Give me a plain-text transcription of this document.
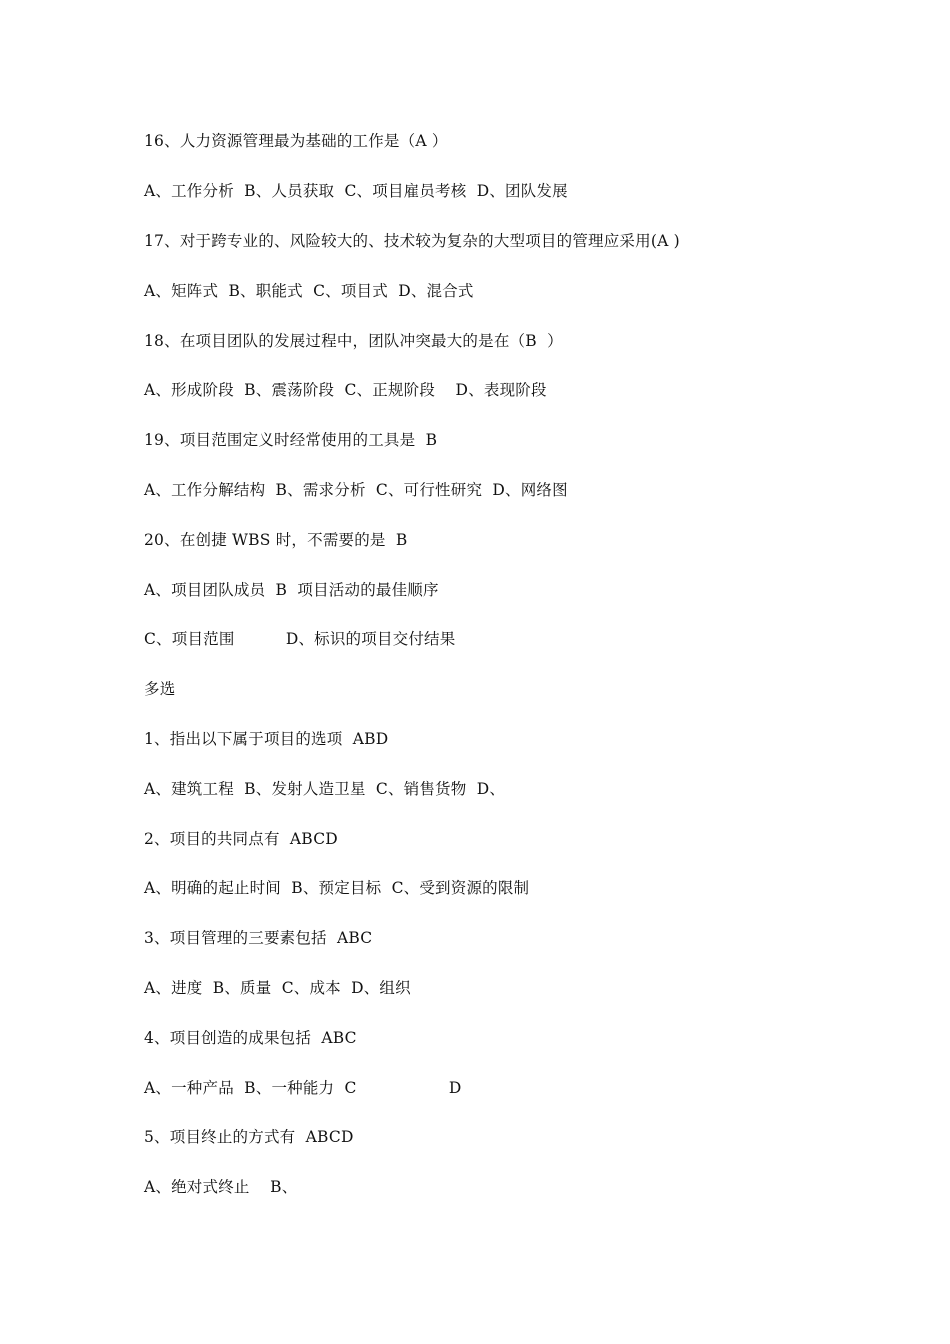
16、人力资源管理最为基础的工作是（A ）
A、工作分析  B、人员获取  C、项目雇员考核  D、团队发展
17、对于跨专业的、风险较大的、技术较为复杂的大型项目的管理应采用(A )
A、矩阵式  B、职能式  C、项目式  D、混合式
18、在项目团队的发展过程中，团队冲突最大的是在（B  ）
A、形成阶段  B、震荡阶段  C、正规阶段    D、表现阶段
19、项目范围定义时经常使用的工具是  B
A、工作分解结构  B、需求分析  C、可行性研究  D、网络图
20、在创捷 WBS 时，不需要的是  B
A、项目团队成员  B  项目活动的最佳顺序
C、项目范围          D、标识的项目交付结果
多选
1、指出以下属于项目的选项  ABD
A、建筑工程  B、发射人造卫星  C、销售货物  D、
2、项目的共同点有  ABCD
A、明确的起止时间  B、预定目标  C、受到资源的限制
3、项目管理的三要素包括  ABC
A、进度  B、质量  C、成本  D、组织
4、项目创造的成果包括  ABC
A、一种产品  B、一种能力  C                  D
5、项目终止的方式有  ABCD
A、绝对式终止    B、
